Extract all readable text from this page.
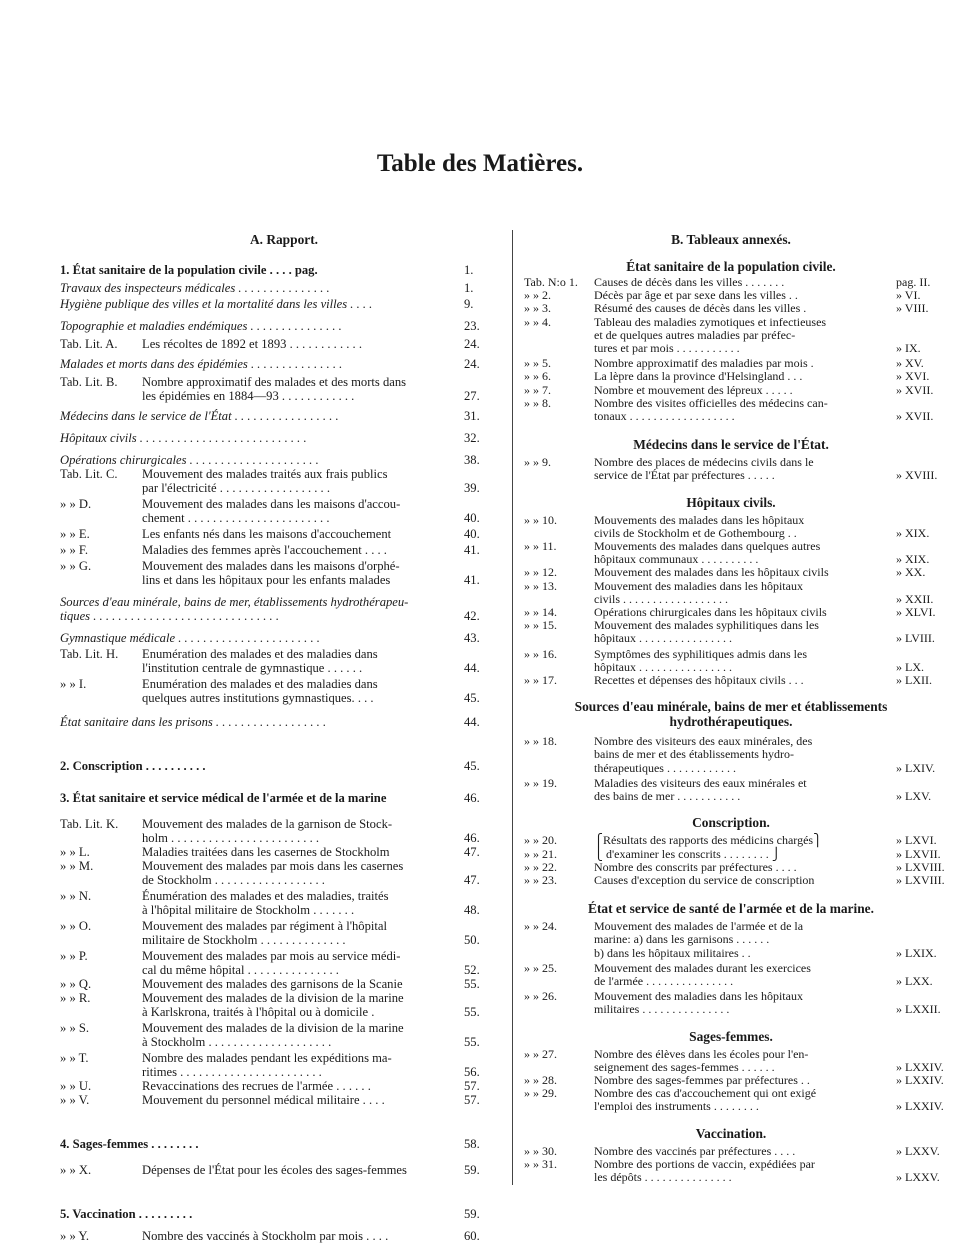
Table des Matières.
A. Rapport.
1. État sanitaire de la population civile . . . . pag.	1.
Travaux des inspecteurs médicales . . . . . . . . . . . . . . .	1.
Hygiène publique des villes et la mortalité dans les villes . . . .	9.
Topographie et maladies endémiques . . . . . . . . . . . . . . .	23.
Tab. Lit. A.	Les récoltes de 1892 et 1893 . . . . . . . . . . . .	24.
Malades et morts dans des épidémies . . . . . . . . . . . . . . .	24.
Tab. Lit. B.	Nombre approximatif des malades et des morts dans
les épidémies en 1884—93 . . . . . . . . . . . .	27.
Médecins dans le service de l'État . . . . . . . . . . . . . . . . .	31.
Hôpitaux civils . . . . . . . . . . . . . . . . . . . . . . . . . . .	32.
Opérations chirurgicales . . . . . . . . . . . . . . . . . . . . .	38.
Tab. Lit. C.	Mouvement des malades traités aux frais publics
par l'électricité . . . . . . . . . . . . . . . . . .	39.
» » D.	Mouvement des malades dans les maisons d'accou-
chement . . . . . . . . . . . . . . . . . . . . . . .	40.
» » E.	Les enfants nés dans les maisons d'accouchement	40.
» » F.	Maladies des femmes après l'accouchement . . . .	41.
» » G.	Mouvement des malades dans les maisons d'orphé-
lins et dans les hôpitaux pour les enfants malades	41.
Sources d'eau minérale, bains de mer, établissements hydrothérapeu-
tiques . . . . . . . . . . . . . . . . . . . . . . . . . . . . . .	42.
Gymnastique médicale . . . . . . . . . . . . . . . . . . . . . . .	43.
Tab. Lit. H.	Enumération des malades et des maladies dans
l'institution centrale de gymnastique . . . . . .	44.
» » I.	Enumération des malades et des maladies dans
quelques autres institutions gymnastiques. . . .	45.
État sanitaire dans les prisons . . . . . . . . . . . . . . . . . .	44.
2. Conscription . . . . . . . . . .	45.
3. État sanitaire et service médical de l'armée et de la marine	46.
Tab. Lit. K.	Mouvement des malades de la garnison de Stock-
holm . . . . . . . . . . . . . . . . . . . . . . . .	46.
» » L.	Maladies traitées dans les casernes de Stockholm	47.
» » M.	Mouvement des malades par mois dans les casernes
de Stockholm . . . . . . . . . . . . . . . . . .	47.
» » N.	Énumération des malades et des maladies, traités
à l'hôpital militaire de Stockholm . . . . . . .	48.
» » O.	Mouvement des malades par régiment à l'hôpital
militaire de Stockholm . . . . . . . . . . . . . .	50.
» » P.	Mouvement des malades par mois au service médi-
cal du même hôpital . . . . . . . . . . . . . . .	52.
» » Q.	Mouvement des malades des garnisons de la Scanie	55.
» » R.	Mouvement des malades de la division de la marine
à Karlskrona, traités à l'hôpital ou à domicile .	55.
» » S.	Mouvement des malades de la division de la marine
à Stockholm . . . . . . . . . . . . . . . . . . . .	55.
» » T.	Nombre des malades pendant les expéditions ma-
ritimes . . . . . . . . . . . . . . . . . . . . . . .	56.
» » U.	Revaccinations des recrues de l'armée . . . . . .	57.
» » V.	Mouvement du personnel médical militaire . . . .	57.
4. Sages-femmes . . . . . . . .	58.
» » X.	Dépenses de l'État pour les écoles des sages-femmes	59.
5. Vaccination . . . . . . . . .	59.
» » Y.	Nombre des vaccinés à Stockholm par mois . . . .	60.
B. Tableaux annexés.
État sanitaire de la population civile.
Tab. N:o 1.	Causes de décès dans les villes . . . . . . .	pag. II.
» » 2.	Décès par âge et par sexe dans les villes . .	» VI.
» » 3.	Résumé des causes de décès dans les villes .	» VIII.
» » 4.	Tableau des maladies zymotiques et infectieuses
et de quelques autres maladies par préfec-
tures et par mois . . . . . . . . . . .	» IX.
» » 5.	Nombre approximatif des maladies par mois .	» XV.
» » 6.	La lèpre dans la province d'Helsingland . . .	» XVI.
» » 7.	Nombre et mouvement des lépreux . . . . .	» XVII.
» » 8.	Nombre des visites officielles des médecins can-
tonaux . . . . . . . . . . . . . . . . . .	» XVII.
Médecins dans le service de l'État.
» » 9.	Nombre des places de médecins civils dans le
service de l'État par préfectures . . . . .	» XVIII.
Hôpitaux civils.
» » 10.	Mouvements des malades dans les hôpitaux
civils de Stockholm et de Gothembourg . .	» XIX.
» » 11.	Mouvements des malades dans quelques autres
hôpitaux communaux . . . . . . . . . .	» XIX.
» » 12.	Mouvement des malades dans les hôpitaux civils	» XX.
» » 13.	Mouvement des maladies dans les hôpitaux
civils . . . . . . . . . . . . . . . . . .	» XXII.
» » 14.	Opérations chirurgicales dans les hôpitaux civils	» XLVI.
» » 15.	Mouvement des malades syphilitiques dans les
hôpitaux . . . . . . . . . . . . . . . .	» LVIII.
» » 16.	Symptômes des syphilitiques admis dans les
hôpitaux . . . . . . . . . . . . . . . .	» LX.
» » 17.	Recettes et dépenses des hôpitaux civils . . .	» LXII.
Sources d'eau minérale, bains de mer et établissements
hydrothérapeutiques.
» » 18.	Nombre des visiteurs des eaux minérales, des
bains de mer et des établissements hydro-
thérapeutiques . . . . . . . . . . . .	» LXIV.
» » 19.	Maladies des visiteurs des eaux minérales et
des bains de mer . . . . . . . . . . .	» LXV.
Conscription.
» » 20.	⎧Résultats des rapports des médicins chargés⎫	» LXVI.
» » 21.	⎩ d'examiner les conscrits . . . . . . . . ⎭	» LXVII.
» » 22.	Nombre des conscrits par préfectures . . . .	» LXVIII.
» » 23.	Causes d'exception du service de conscription	» LXVIII.
État et service de santé de l'armée et de la marine.
» » 24.	Mouvement des malades de l'armée et de la
marine: a) dans les garnisons . . . . . .
b) dans les hôpitaux militaires . .	» LXIX.
» » 25.	Mouvement des malades durant les exercices
de l'armée . . . . . . . . . . . . . . .	» LXX.
» » 26.	Mouvement des maladies dans les hôpitaux
militaires . . . . . . . . . . . . . . .	» LXXII.
Sages-femmes.
» » 27.	Nombre des élèves dans les écoles pour l'en-
seignement des sages-femmes . . . . . .	» LXXIV.
» » 28.	Nombre des sages-femmes par préfectures . .	» LXXIV.
» » 29.	Nombre des cas d'accouchement qui ont exigé
l'emploi des instruments . . . . . . . .	» LXXIV.
Vaccination.
» » 30.	Nombre des vaccinés par préfectures . . . .	» LXXV.
» » 31.	Nombre des portions de vaccin, expédiées par
les dépôts . . . . . . . . . . . . . . .	» LXXV.
